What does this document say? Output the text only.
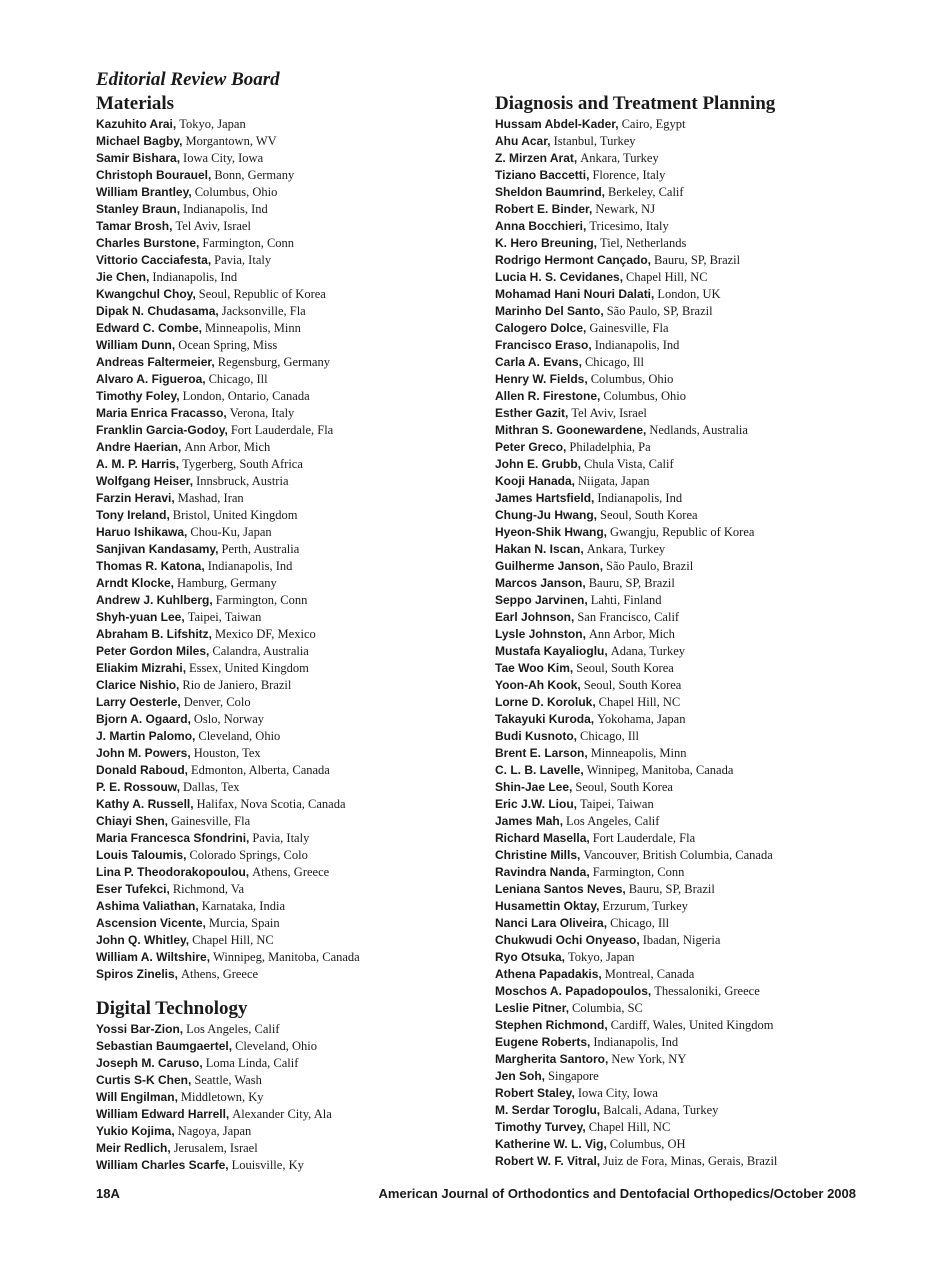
Editorial Review Board
Materials
Kazuhito Arai, Tokyo, Japan
Michael Bagby, Morgantown, WV
Samir Bishara, Iowa City, Iowa
Christoph Bourauel, Bonn, Germany
William Brantley, Columbus, Ohio
Stanley Braun, Indianapolis, Ind
Tamar Brosh, Tel Aviv, Israel
Charles Burstone, Farmington, Conn
Vittorio Cacciafesta, Pavia, Italy
Jie Chen, Indianapolis, Ind
Kwangchul Choy, Seoul, Republic of Korea
Dipak N. Chudasama, Jacksonville, Fla
Edward C. Combe, Minneapolis, Minn
William Dunn, Ocean Spring, Miss
Andreas Faltermeier, Regensburg, Germany
Alvaro A. Figueroa, Chicago, Ill
Timothy Foley, London, Ontario, Canada
Maria Enrica Fracasso, Verona, Italy
Franklin Garcia-Godoy, Fort Lauderdale, Fla
Andre Haerian, Ann Arbor, Mich
A. M. P. Harris, Tygerberg, South Africa
Wolfgang Heiser, Innsbruck, Austria
Farzin Heravi, Mashad, Iran
Tony Ireland, Bristol, United Kingdom
Haruo Ishikawa, Chou-Ku, Japan
Sanjivan Kandasamy, Perth, Australia
Thomas R. Katona, Indianapolis, Ind
Arndt Klocke, Hamburg, Germany
Andrew J. Kuhlberg, Farmington, Conn
Shyh-yuan Lee, Taipei, Taiwan
Abraham B. Lifshitz, Mexico DF, Mexico
Peter Gordon Miles, Calandra, Australia
Eliakim Mizrahi, Essex, United Kingdom
Clarice Nishio, Rio de Janiero, Brazil
Larry Oesterle, Denver, Colo
Bjorn A. Ogaard, Oslo, Norway
J. Martin Palomo, Cleveland, Ohio
John M. Powers, Houston, Tex
Donald Raboud, Edmonton, Alberta, Canada
P. E. Rossouw, Dallas, Tex
Kathy A. Russell, Halifax, Nova Scotia, Canada
Chiayi Shen, Gainesville, Fla
Maria Francesca Sfondrini, Pavia, Italy
Louis Taloumis, Colorado Springs, Colo
Lina P. Theodorakopoulou, Athens, Greece
Eser Tufekci, Richmond, Va
Ashima Valiathan, Karnataka, India
Ascension Vicente, Murcia, Spain
John Q. Whitley, Chapel Hill, NC
William A. Wiltshire, Winnipeg, Manitoba, Canada
Spiros Zinelis, Athens, Greece
Digital Technology
Yossi Bar-Zion, Los Angeles, Calif
Sebastian Baumgaertel, Cleveland, Ohio
Joseph M. Caruso, Loma Linda, Calif
Curtis S-K Chen, Seattle, Wash
Will Engilman, Middletown, Ky
William Edward Harrell, Alexander City, Ala
Yukio Kojima, Nagoya, Japan
Meir Redlich, Jerusalem, Israel
William Charles Scarfe, Louisville, Ky
Diagnosis and Treatment Planning
Hussam Abdel-Kader, Cairo, Egypt
Ahu Acar, Istanbul, Turkey
Z. Mirzen Arat, Ankara, Turkey
Tiziano Baccetti, Florence, Italy
Sheldon Baumrind, Berkeley, Calif
Robert E. Binder, Newark, NJ
Anna Bocchieri, Tricesimo, Italy
K. Hero Breuning, Tiel, Netherlands
Rodrigo Hermont Cançado, Bauru, SP, Brazil
Lucia H. S. Cevidanes, Chapel Hill, NC
Mohamad Hani Nouri Dalati, London, UK
Marinho Del Santo, São Paulo, SP, Brazil
Calogero Dolce, Gainesville, Fla
Francisco Eraso, Indianapolis, Ind
Carla A. Evans, Chicago, Ill
Henry W. Fields, Columbus, Ohio
Allen R. Firestone, Columbus, Ohio
Esther Gazit, Tel Aviv, Israel
Mithran S. Goonewardene, Nedlands, Australia
Peter Greco, Philadelphia, Pa
John E. Grubb, Chula Vista, Calif
Kooji Hanada, Niigata, Japan
James Hartsfield, Indianapolis, Ind
Chung-Ju Hwang, Seoul, South Korea
Hyeon-Shik Hwang, Gwangju, Republic of Korea
Hakan N. Iscan, Ankara, Turkey
Guilherme Janson, São Paulo, Brazil
Marcos Janson, Bauru, SP, Brazil
Seppo Jarvinen, Lahti, Finland
Earl Johnson, San Francisco, Calif
Lysle Johnston, Ann Arbor, Mich
Mustafa Kayalioglu, Adana, Turkey
Tae Woo Kim, Seoul, South Korea
Yoon-Ah Kook, Seoul, South Korea
Lorne D. Koroluk, Chapel Hill, NC
Takayuki Kuroda, Yokohama, Japan
Budi Kusnoto, Chicago, Ill
Brent E. Larson, Minneapolis, Minn
C. L. B. Lavelle, Winnipeg, Manitoba, Canada
Shin-Jae Lee, Seoul, South Korea
Eric J.W. Liou, Taipei, Taiwan
James Mah, Los Angeles, Calif
Richard Masella, Fort Lauderdale, Fla
Christine Mills, Vancouver, British Columbia, Canada
Ravindra Nanda, Farmington, Conn
Leniana Santos Neves, Bauru, SP, Brazil
Husamettin Oktay, Erzurum, Turkey
Nanci Lara Oliveira, Chicago, Ill
Chukwudi Ochi Onyeaso, Ibadan, Nigeria
Ryo Otsuka, Tokyo, Japan
Athena Papadakis, Montreal, Canada
Moschos A. Papadopoulos, Thessaloniki, Greece
Leslie Pitner, Columbia, SC
Stephen Richmond, Cardiff, Wales, United Kingdom
Eugene Roberts, Indianapolis, Ind
Margherita Santoro, New York, NY
Jen Soh, Singapore
Robert Staley, Iowa City, Iowa
M. Serdar Toroglu, Balcali, Adana, Turkey
Timothy Turvey, Chapel Hill, NC
Katherine W. L. Vig, Columbus, OH
Robert W. F. Vitral, Juiz de Fora, Minas, Gerais, Brazil
18A	American Journal of Orthodontics and Dentofacial Orthopedics/October 2008
